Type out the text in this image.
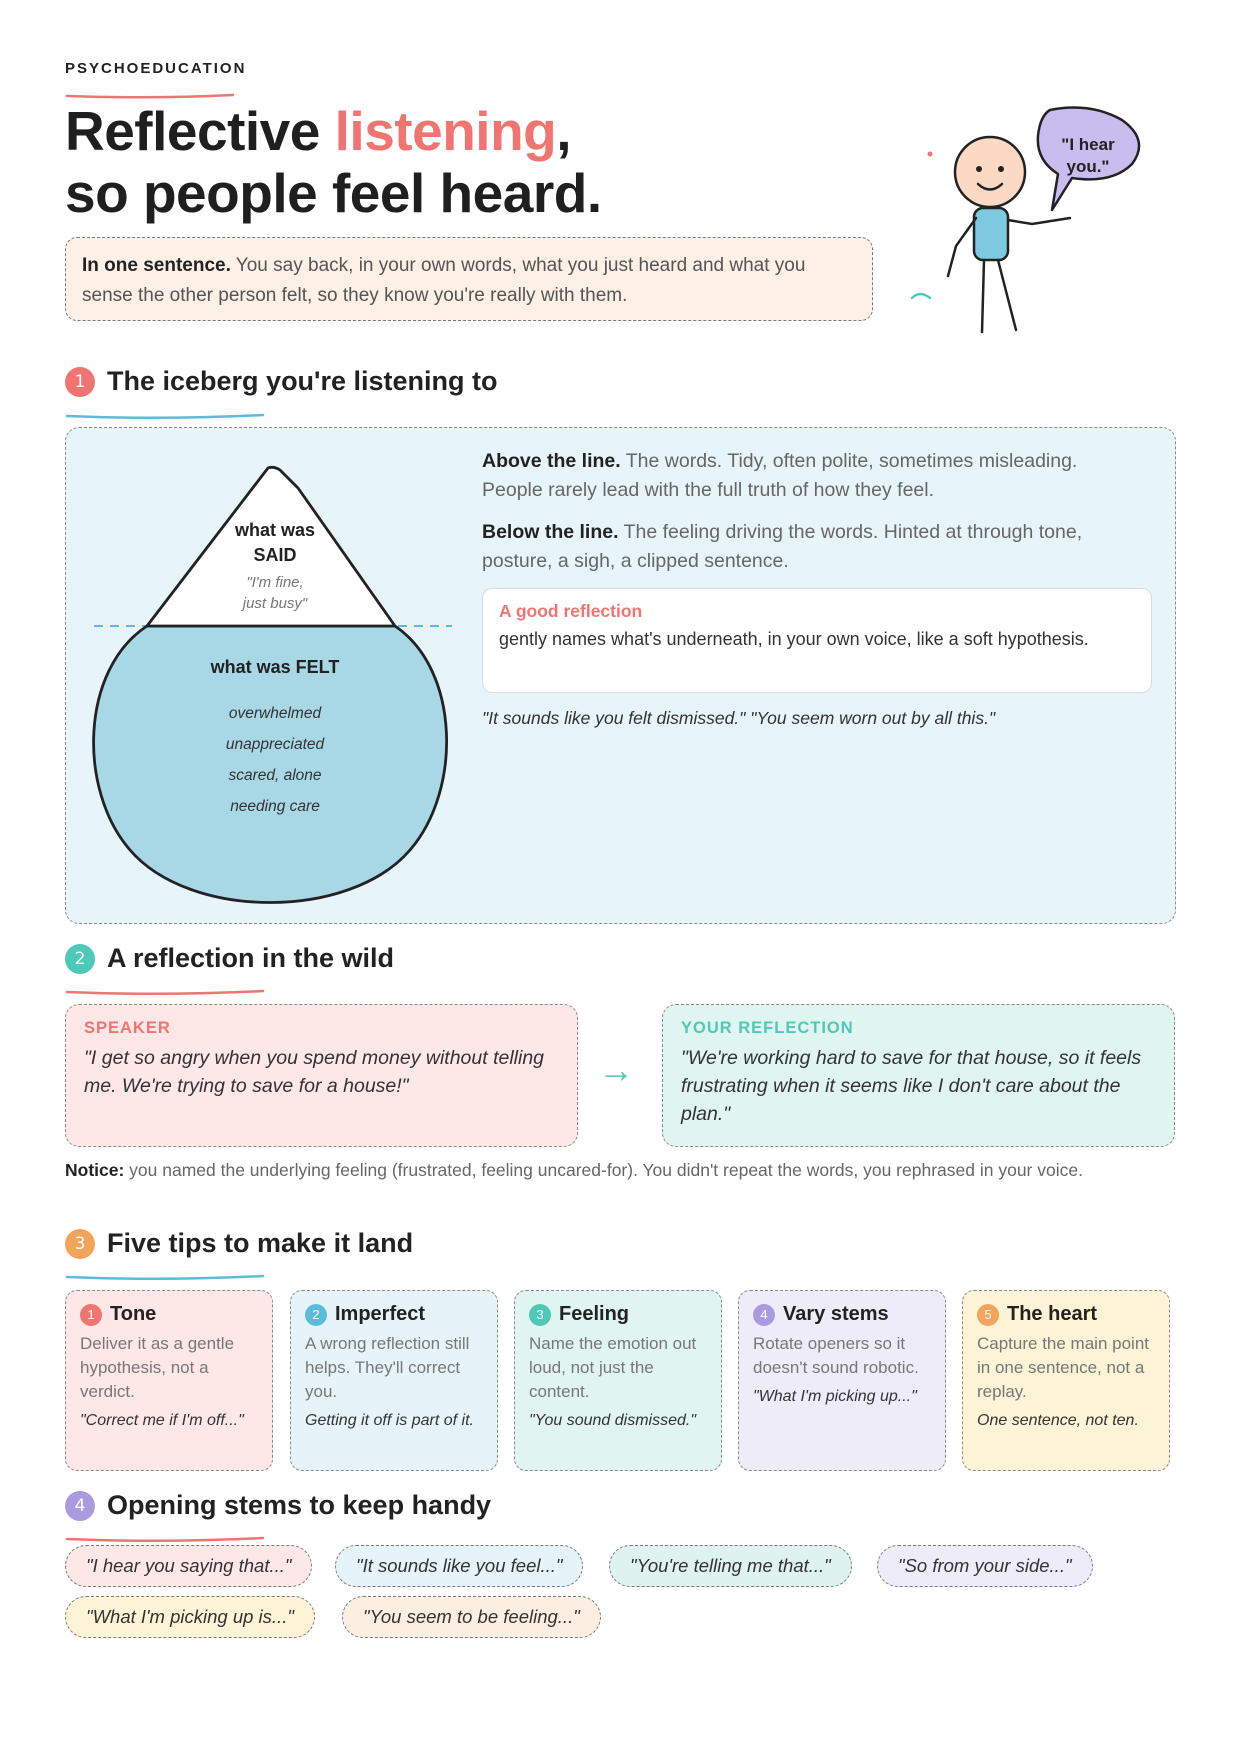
PSYCHOEDUCATION
Reflective listening,
so people feel heard.
In one sentence. You say back, in your own words, what you just heard and what you sense the other person felt, so they know you're really with them.
"I hear you."
1 The iceberg you're listening to
what was
SAID
"I'm fine,
just busy"
what was FELT
overwhelmed
unappreciated
scared, alone
needing care
Above the line. The words. Tidy, often polite, sometimes misleading. People rarely lead with the full truth of how they feel.
Below the line. The feeling driving the words. Hinted at through tone, posture, a sigh, a clipped sentence.
A good reflection
gently names what's underneath, in your own voice, like a soft hypothesis.
"It sounds like you felt dismissed." "You seem worn out by all this."
2 A reflection in the wild
SPEAKER
"I get so angry when you spend money without telling me. We're trying to save for a house!"	→
YOUR REFLECTION
"We're working hard to save for that house, so it feels frustrating when it seems like I don't care about the plan."
Notice: you named the underlying feeling (frustrated, feeling uncared-for). You didn't repeat the words, you rephrased in your voice.
3 Five tips to make it land
1 Tone
Deliver it as a gentle hypothesis, not a verdict.
"Correct me if I'm off..."
2 Imperfect
A wrong reflection still helps. They'll correct you.
Getting it off is part of it.
3 Feeling
Name the emotion out loud, not just the content.
"You sound dismissed."
4 Vary stems
Rotate openers so it doesn't sound robotic.
"What I'm picking up..."
5 The heart
Capture the main point in one sentence, not a replay.
One sentence, not ten.
4 Opening stems to keep handy
"I hear you saying that..."	"It sounds like you feel..."	"You're telling me that..."	"So from your side..."
"What I'm picking up is..."	"You seem to be feeling..."
